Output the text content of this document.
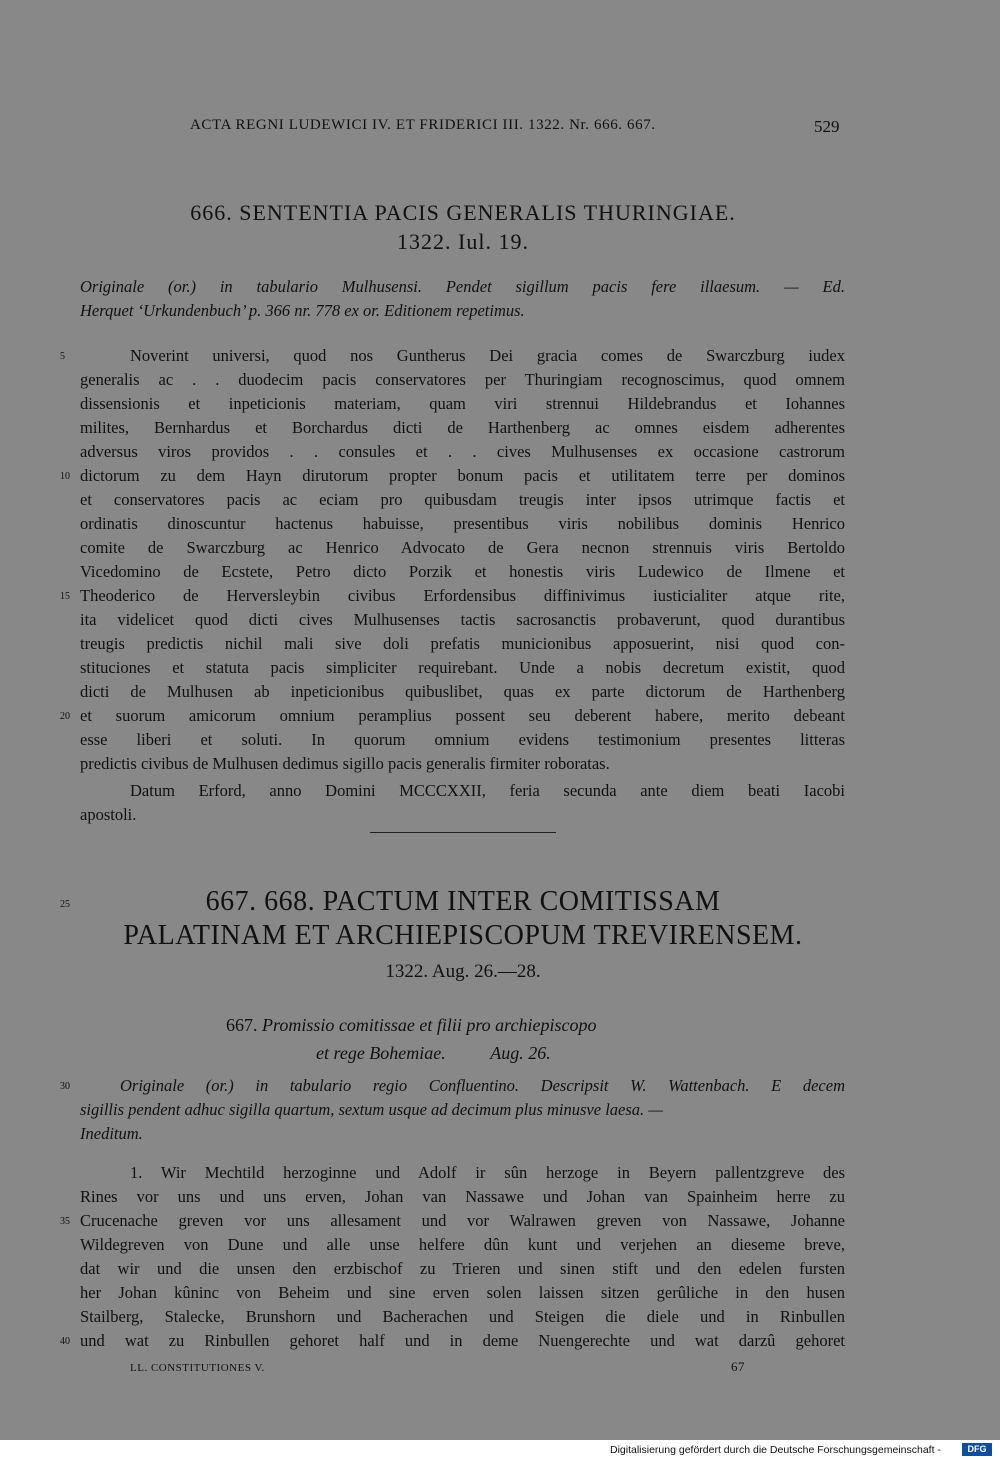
ACTA REGNI LUDEWICI IV. ET FRIDERICI III. 1322. Nr. 666. 667.	529
666. SENTENTIA PACIS GENERALIS THURINGIAE.
1322. Iul. 19.
Originale (or.) in tabulario Mulhusensi. Pendet sigillum pacis fere illaesum. — Ed.
Herquet ‘Urkundenbuch’ p. 366 nr. 778 ex or. Editionem repetimus.
Noverint universi, quod nos Guntherus Dei gracia comes de Swarczburg iudex
generalis ac . . duodecim pacis conservatores per Thuringiam recognoscimus, quod omnem
dissensionis et inpeticionis materiam, quam viri strennui Hildebrandus et Iohannes
milites, Bernhardus et Borchardus dicti de Harthenberg ac omnes eisdem adherentes
adversus viros providos . . consules et . . cives Mulhusenses ex occasione castrorum
dictorum zu dem Hayn dirutorum propter bonum pacis et utilitatem terre per dominos
et conservatores pacis ac eciam pro quibusdam treugis inter ipsos utrimque factis et
ordinatis dinoscuntur hactenus habuisse, presentibus viris nobilibus dominis Henrico
comite de Swarczburg ac Henrico Advocato de Gera necnon strennuis viris Bertoldo
Vicedomino de Ecstete, Petro dicto Porzik et honestis viris Ludewico de Ilmene et
Theoderico de Herversleybin civibus Erfordensibus diffinivimus iusticialiter atque rite,
ita videlicet quod dicti cives Mulhusenses tactis sacrosanctis probaverunt, quod durantibus
treugis predictis nichil mali sive doli prefatis municionibus apposuerint, nisi quod con-
stituciones et statuta pacis simpliciter requirebant. Unde a nobis decretum existit, quod
dicti de Mulhusen ab inpeticionibus quibuslibet, quas ex parte dictorum de Harthenberg
et suorum amicorum omnium peramplius possent seu deberent habere, merito debeant
esse liberi et soluti. In quorum omnium evidens testimonium presentes litteras
predictis civibus de Mulhusen dedimus sigillo pacis generalis firmiter roboratas.
Datum Erford, anno Domini MCCCXXII, feria secunda ante diem beati Iacobi
apostoli.
667. 668. PACTUM INTER COMITISSAM
PALATINAM ET ARCHIEPISCOPUM TREVIRENSEM.
1322. Aug. 26.—28.
667. Promissio comitissae et filii pro archiepiscopo
et rege Bohemiae. Aug. 26.
Originale (or.) in tabulario regio Confluentino. Descripsit W. Wattenbach. E decem
sigillis pendent adhuc sigilla quartum, sextum usque ad decimum plus minusve laesa. —
Ineditum.
1. Wir Mechtild herzoginne und Adolf ir sûn herzoge in Beyern pallentzgreve des
Rines vor uns und uns erven, Johan van Nassawe und Johan van Spainheim herre zu
Crucenache greven vor uns allesament und vor Walrawen greven von Nassawe, Johanne
Wildegreven von Dune und alle unse helfere dûn kunt und verjehen an dieseme breve,
dat wir und die unsen den erzbischof zu Trieren und sinen stift und den edelen fursten
her Johan kûninc von Beheim und sine erven solen laissen sitzen gerûliche in den husen
Stailberg, Stalecke, Brunshorn und Bacherachen und Steigen die diele und in Rinbullen
und wat zu Rinbullen gehoret half und in deme Nuengerechte und wat darzû gehoret
5
10
15
20
25
30
35
40
LL. CONSTITUTIONES V.	67
Digitalisierung gefördert durch die Deutsche Forschungsgemeinschaft -	DFG
